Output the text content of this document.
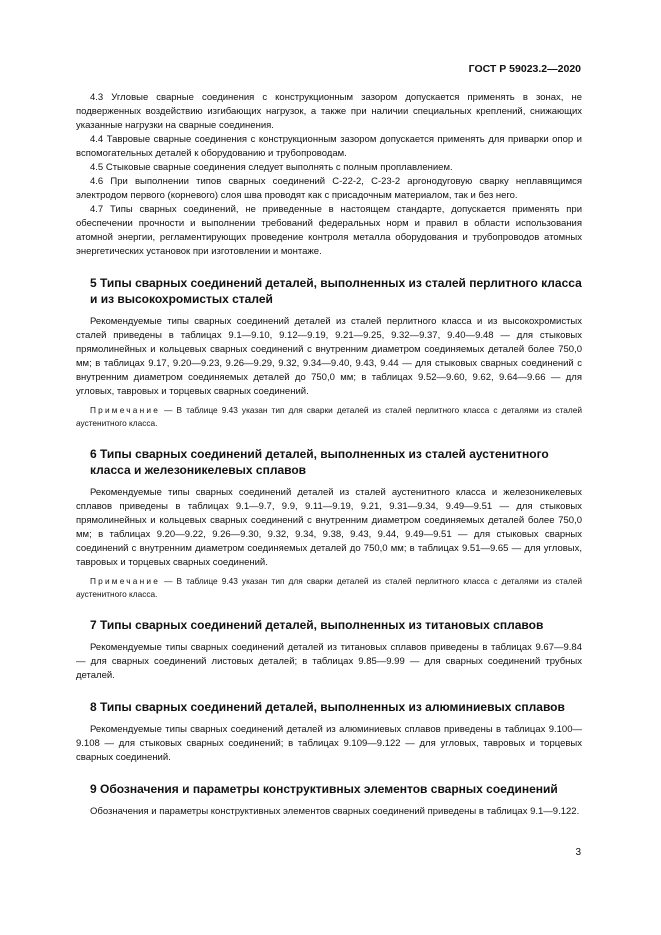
ГОСТ Р 59023.2—2020

4.3 Угловые сварные соединения с конструкционным зазором допускается применять в зонах, не подверженных воздействию изгибающих нагрузок, а также при наличии специальных креплений, снижающих указанные нагрузки на сварные соединения.

4.4 Тавровые сварные соединения с конструкционным зазором допускается применять для приварки опор и вспомогательных деталей к оборудованию и трубопроводам.

4.5 Стыковые сварные соединения следует выполнять с полным проплавлением.

4.6 При выполнении типов сварных соединений С-22-2, С-23-2 аргонодуговую сварку неплавящимся электродом первого (корневого) слоя шва проводят как с присадочным материалом, так и без него.

4.7 Типы сварных соединений, не приведенные в настоящем стандарте, допускается применять при обеспечении прочности и выполнении требований федеральных норм и правил в области использования атомной энергии, регламентирующих проведение контроля металла оборудования и трубопроводов атомных энергетических установок при изготовлении и монтаже.

5 Типы сварных соединений деталей, выполненных из сталей перлитного класса и из высокохромистых сталей

Рекомендуемые типы сварных соединений деталей из сталей перлитного класса и из высокохромистых сталей приведены в таблицах 9.1—9.10, 9.12—9.19, 9.21—9.25, 9.32—9.37, 9.40—9.48 — для стыковых прямолинейных и кольцевых сварных соединений с внутренним диаметром соединяемых деталей более 750,0 мм; в таблицах 9.17, 9.20—9.23, 9.26—9.29, 9.32, 9.34—9.40, 9.43, 9.44 — для стыковых сварных соединений с внутренним диаметром соединяемых деталей до 750,0 мм; в таблицах 9.52—9.60, 9.62, 9.64—9.66 — для угловых, тавровых и торцевых сварных соединений.

Примечание — В таблице 9.43 указан тип для сварки деталей из сталей перлитного класса с деталями из сталей аустенитного класса.
6 Типы сварных соединений деталей, выполненных из сталей аустенитного класса и железоникелевых сплавов

Рекомендуемые типы сварных соединений деталей из сталей аустенитного класса и железоникелевых сплавов приведены в таблицах 9.1—9.7, 9.9, 9.11—9.19, 9.21, 9.31—9.34, 9.49—9.51 — для стыковых прямолинейных и кольцевых сварных соединений с внутренним диаметром соединяемых деталей более 750,0 мм; в таблицах 9.20—9.22, 9.26—9.30, 9.32, 9.34, 9.38, 9.43, 9.44, 9.49—9.51 — для стыковых сварных соединений с внутренним диаметром соединяемых деталей до 750,0 мм; в таблицах 9.51—9.65 — для угловых, тавровых и торцевых сварных соединений.

Примечание — В таблице 9.43 указан тип для сварки деталей из сталей перлитного класса с деталями из сталей аустенитного класса.
7 Типы сварных соединений деталей, выполненных из титановых сплавов

Рекомендуемые типы сварных соединений деталей из титановых сплавов приведены в таблицах 9.67—9.84 — для сварных соединений листовых деталей; в таблицах 9.85—9.99 — для сварных соединений трубных деталей.

8 Типы сварных соединений деталей, выполненных из алюминиевых сплавов

Рекомендуемые типы сварных соединений деталей из алюминиевых сплавов приведены в таблицах 9.100—9.108 — для стыковых сварных соединений; в таблицах 9.109—9.122 — для угловых, тавровых и торцевых сварных соединений.

9 Обозначения и параметры конструктивных элементов сварных соединений

Обозначения и параметры конструктивных элементов сварных соединений приведены в таблицах 9.1—9.122.

3
